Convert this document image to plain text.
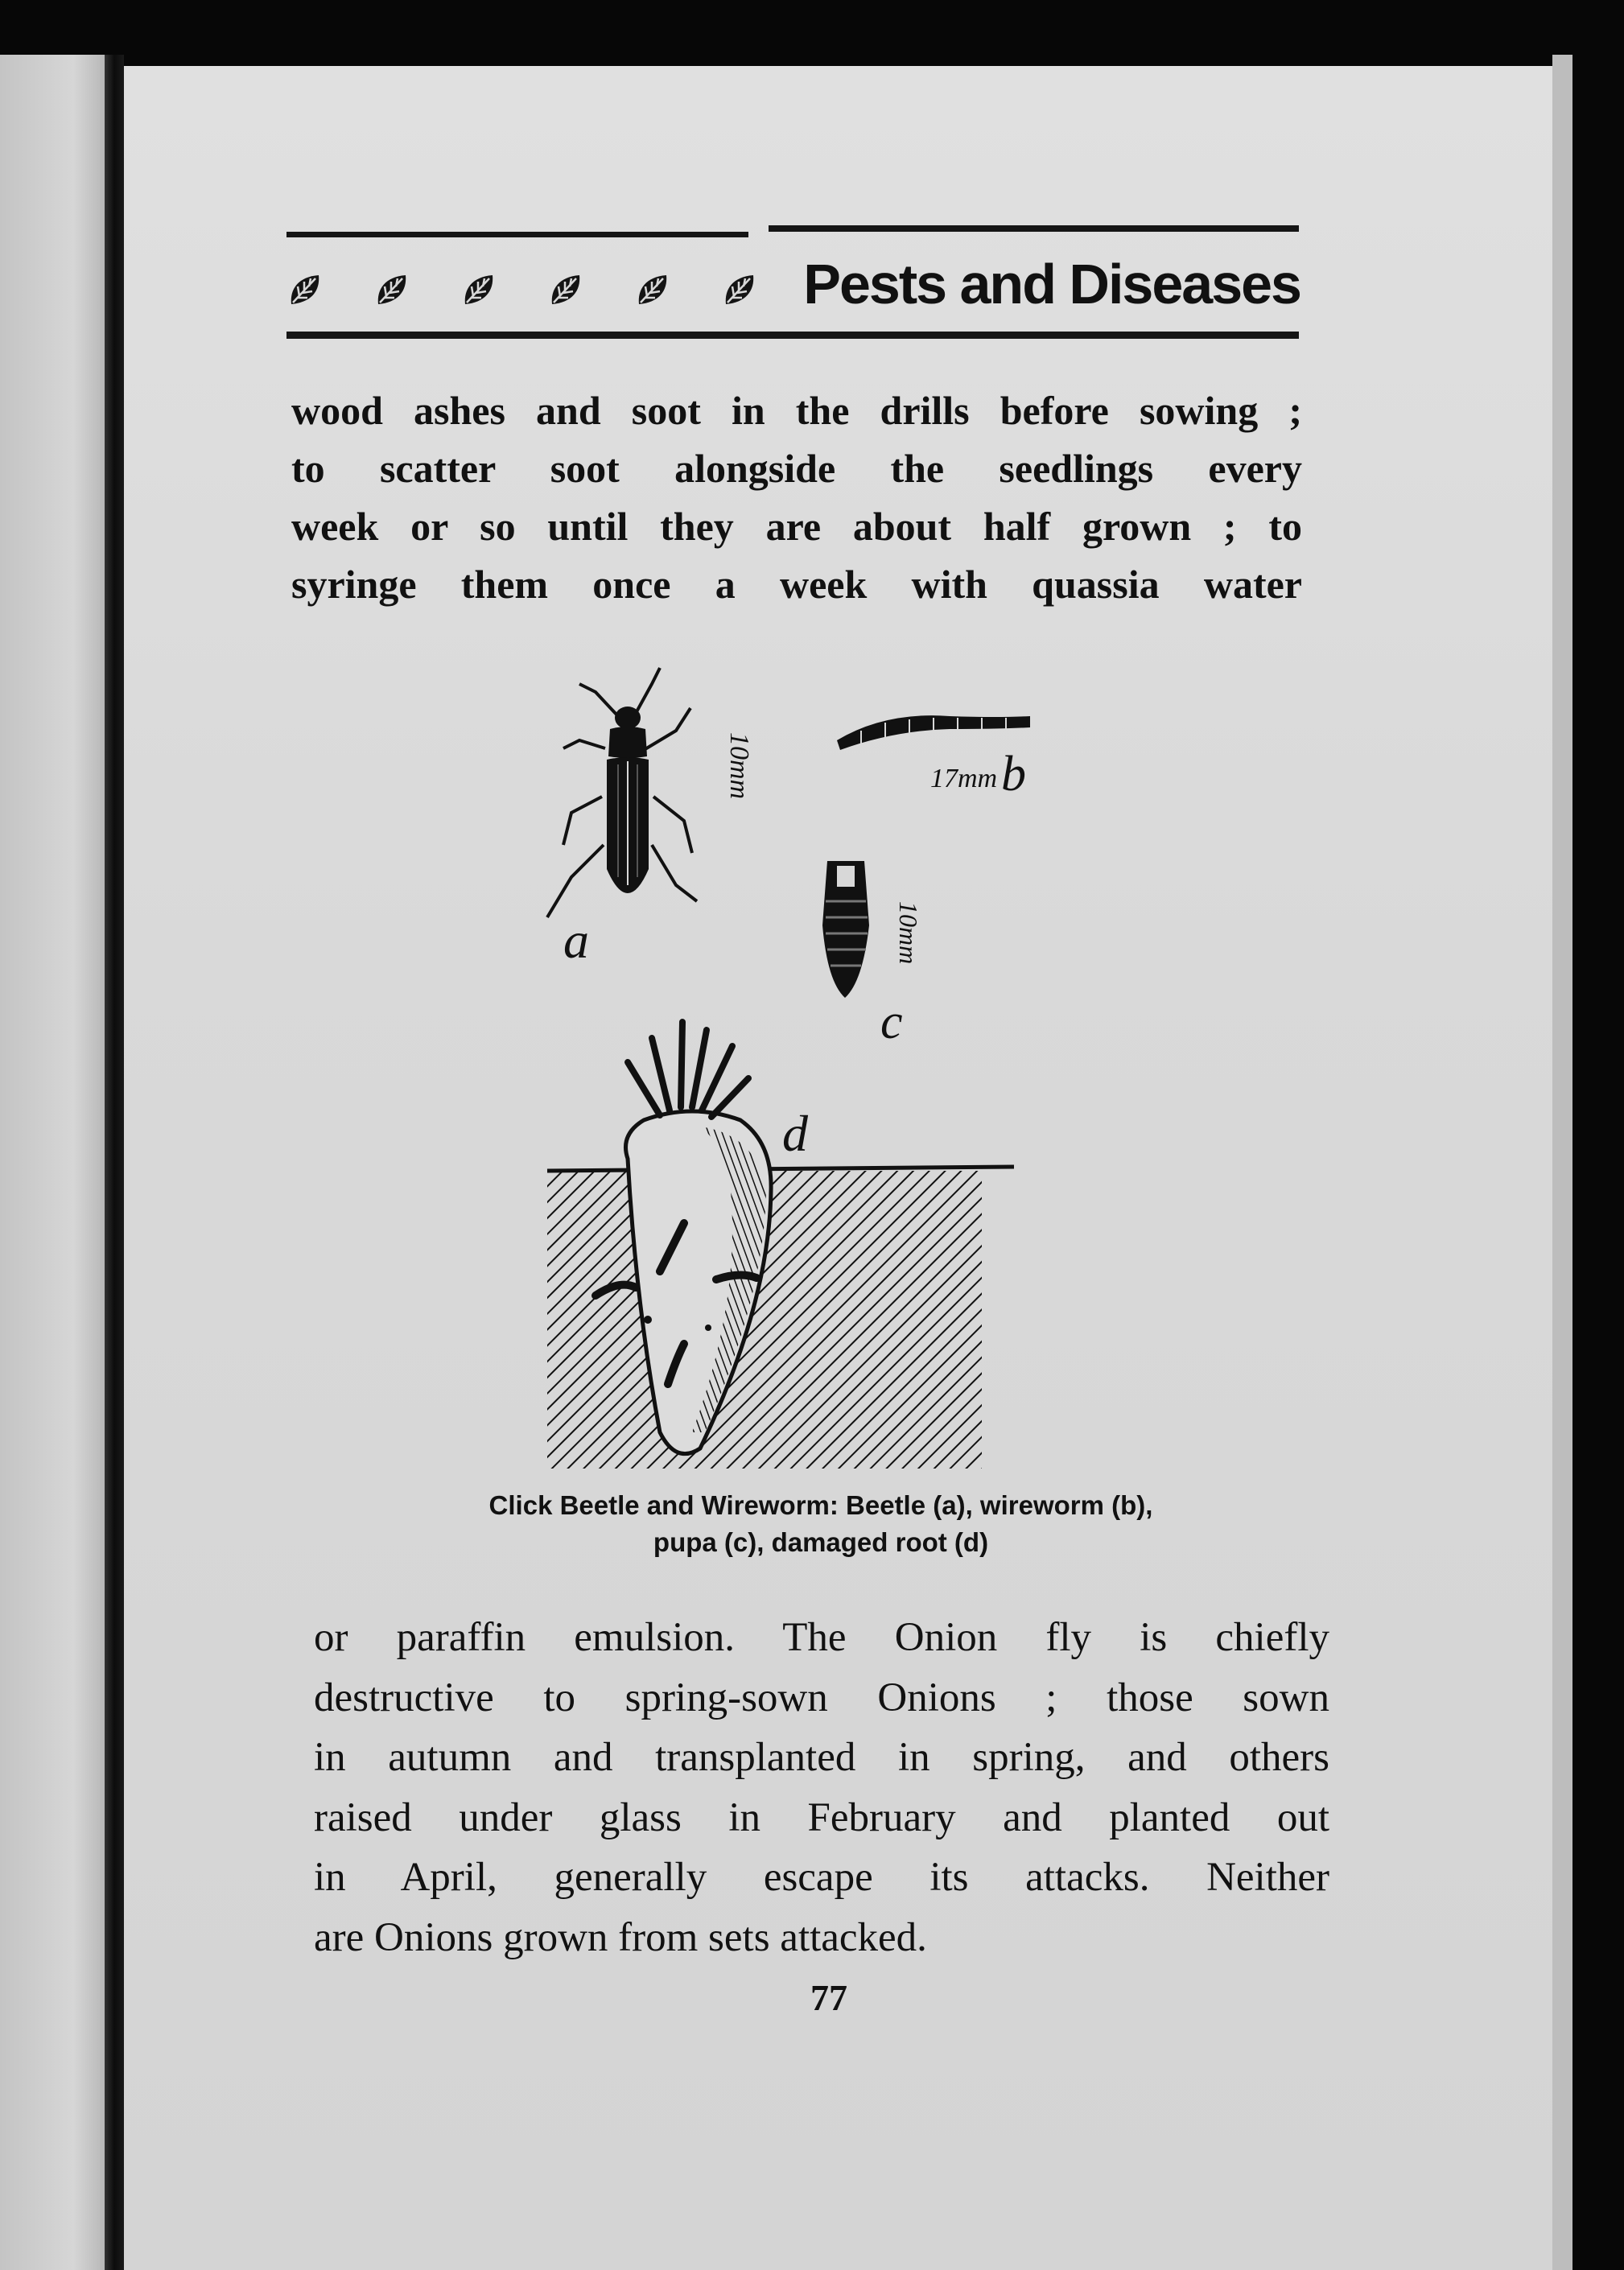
Pests and Diseases
wood ashes and soot in the drills before sowing ;
to scatter soot alongside the seedlings every
week or so until they are about half grown ; to
syringe them once a week with quassia water
a
10mm	17mm b
10mm
c
d

Click Beetle and Wireworm: Beetle (a), wireworm (b),
pupa (c), damaged root (d)

or paraffin emulsion. The Onion fly is chiefly
destructive to spring-sown Onions ; those sown
in autumn and transplanted in spring, and others
raised under glass in February and planted out
in April, generally escape its attacks. Neither
are Onions grown from sets attacked.

77
